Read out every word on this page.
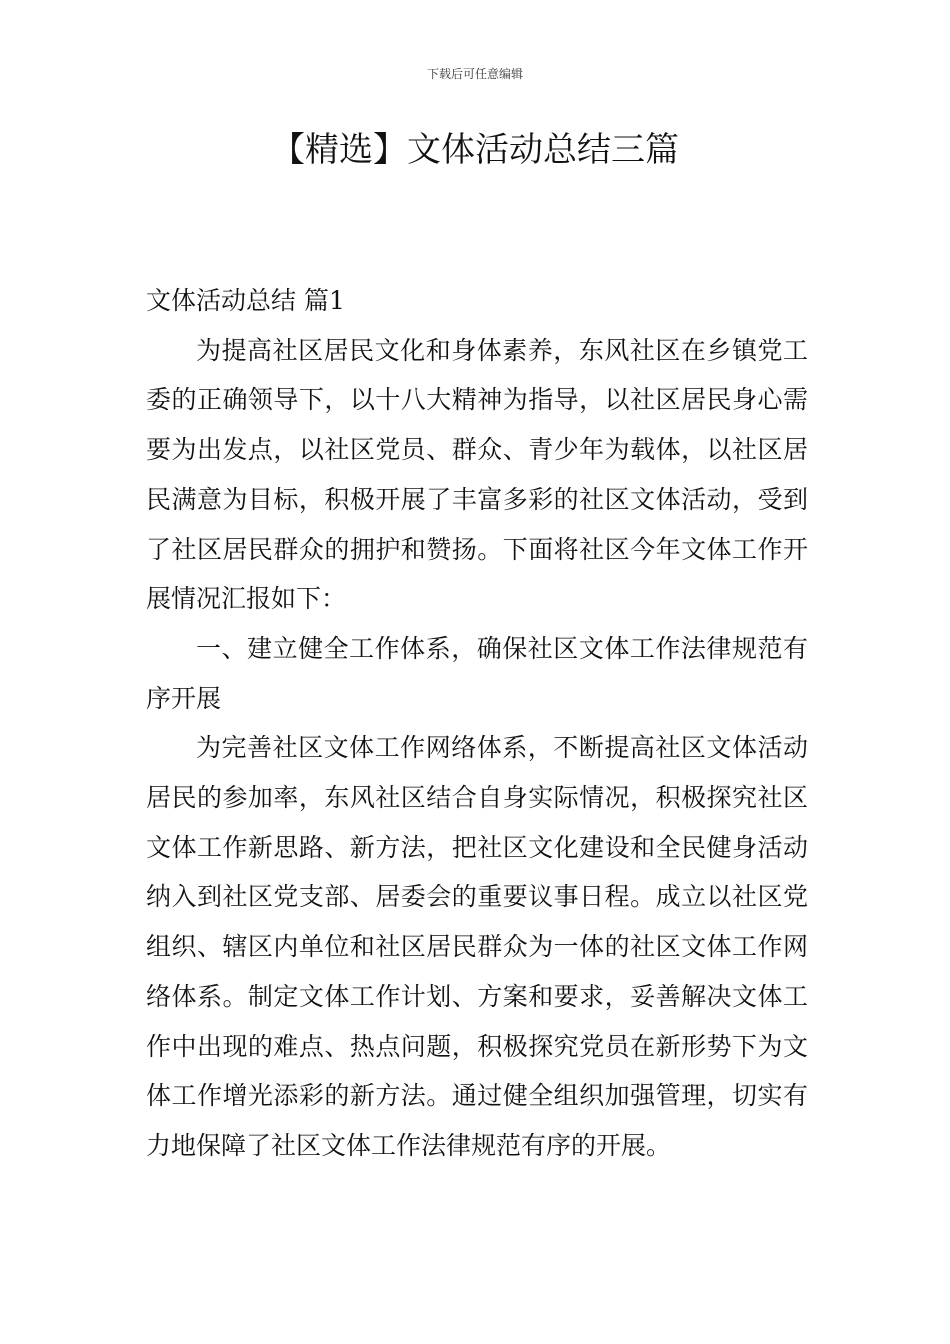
下载后可任意编辑
【精选】文体活动总结三篇

文体活动总结 篇1

为提高社区居民文化和身体素养，东风社区在乡镇党工委的正确领导下，以十八大精神为指导，以社区居民身心需要为出发点，以社区党员、群众、青少年为载体，以社区居民满意为目标，积极开展了丰富多彩的社区文体活动，受到了社区居民群众的拥护和赞扬。下面将社区今年文体工作开展情况汇报如下：

一、建立健全工作体系，确保社区文体工作法律规范有序开展

为完善社区文体工作网络体系，不断提高社区文体活动居民的参加率，东风社区结合自身实际情况，积极探究社区文体工作新思路、新方法，把社区文化建设和全民健身活动纳入到社区党支部、居委会的重要议事日程。成立以社区党组织、辖区内单位和社区居民群众为一体的社区文体工作网络体系。制定文体工作计划、方案和要求，妥善解决文体工作中出现的难点、热点问题，积极探究党员在新形势下为文体工作增光添彩的新方法。通过健全组织加强管理，切实有力地保障了社区文体工作法律规范有序的开展。
